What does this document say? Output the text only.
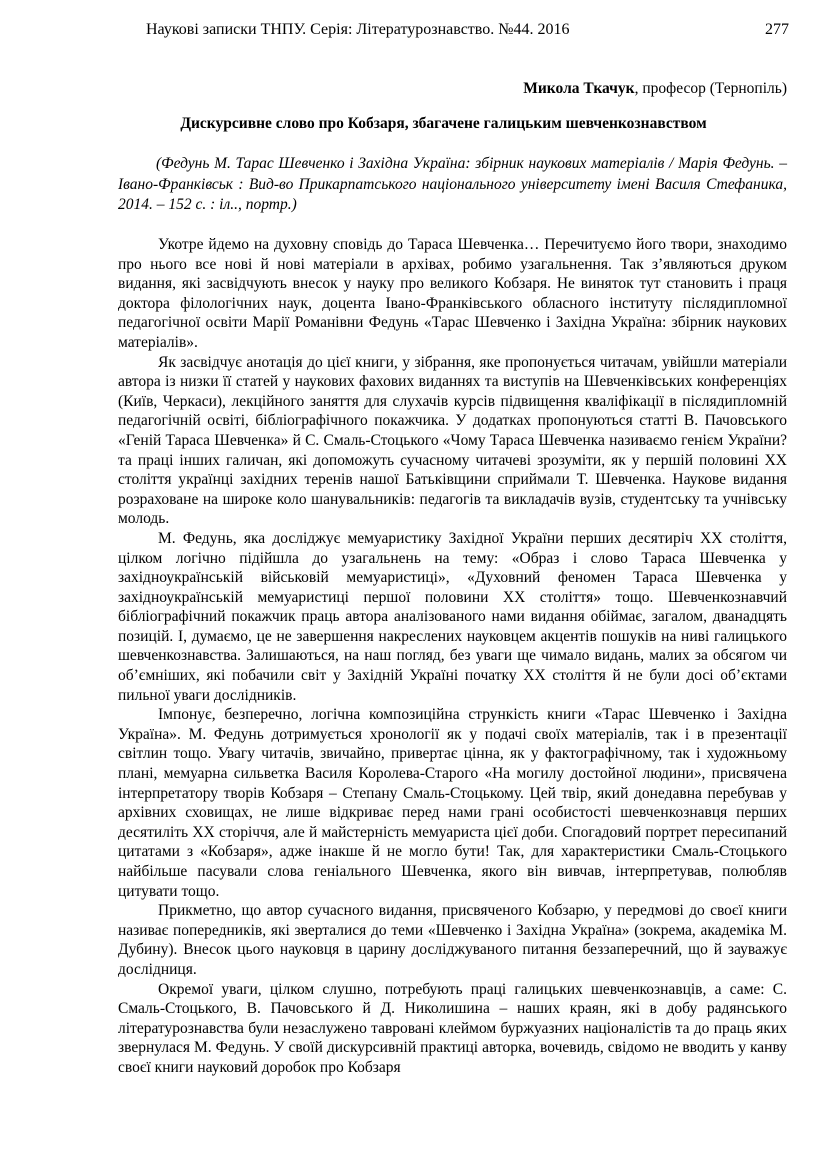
Наукові записки ТНПУ. Серія: Літературознавство. №44. 2016	277
Микола Ткачук, професор (Тернопіль)
Дискурсивне слово про Кобзаря, збагачене галицьким шевченкознавством

(Федунь М. Тарас Шевченко і Західна Україна: збірник наукових матеріалів / Марія Федунь. – Івано-Франківськ : Вид-во Прикарпатського національного університету імені Василя Стефаника, 2014. – 152 с. : іл.., портр.)

Укотре йдемо на духовну сповідь до Тараса Шевченка… Перечитуємо його твори, знаходимо про нього все нові й нові матеріали в архівах, робимо узагальнення. Так з’являються друком видання, які засвідчують внесок у науку про великого Кобзаря. Не виняток тут становить і праця доктора філологічних наук, доцента Івано-Франківського обласного інституту післядипломної педагогічної освіти Марії Романівни Федунь «Тарас Шевченко і Західна Україна: збірник наукових матеріалів».

Як засвідчує анотація до цієї книги, у зібрання, яке пропонується читачам, увійшли матеріали автора із низки її статей у наукових фахових виданнях та виступів на Шевченківських конференціях (Київ, Черкаси), лекційного заняття для слухачів курсів підвищення кваліфікації в післядипломній педагогічній освіті, бібліографічного покажчика. У додатках пропонуються статті В. Пачовського «Геній Тараса Шевченка» й С. Смаль-Стоцького «Чому Тараса Шевченка називаємо генієм України? та праці інших галичан, які допоможуть сучасному читачеві зрозуміти, як у першій половині ХХ століття українці західних теренів нашої Батьківщини сприймали Т. Шевченка. Наукове видання розраховане на широке коло шанувальників: педагогів та викладачів вузів, студентську та учнівську молодь.

М. Федунь, яка досліджує мемуаристику Західної України перших десятиріч ХХ століття, цілком логічно підійшла до узагальнень на тему: «Образ і слово Тараса Шевченка у західноукраїнській військовій мемуаристиці», «Духовний феномен Тараса Шевченка у західноукраїнській мемуаристиці першої половини ХХ століття» тощо. Шевченкознавчий бібліографічний покажчик праць автора аналізованого нами видання обіймає, загалом, дванадцять позицій. І, думаємо, це не завершення накреслених науковцем акцентів пошуків на ниві галицького шевченкознавства. Залишаються, на наш погляд, без уваги ще чимало видань, малих за обсягом чи об’ємніших, які побачили світ у Західній Україні початку ХХ століття й не були досі об’єктами пильної уваги дослідників.

Імпонує, безперечно, логічна композиційна стрункість книги «Тарас Шевченко і Західна Україна». М. Федунь дотримується хронології як у подачі своїх матеріалів, так і в презентації світлин тощо. Увагу читачів, звичайно, привертає цінна, як у фактографічному, так і художньому плані, мемуарна сильветка Василя Королева-Старого «На могилу достойної людини», присвячена інтерпретатору творів Кобзаря – Степану Смаль-Стоцькому. Цей твір, який донедавна перебував у архівних сховищах, не лише відкриває перед нами грані особистості шевченкознавця перших десятиліть ХХ сторіччя, але й майстерність мемуариста цієї доби. Спогадовий портрет пересипаний цитатами з «Кобзаря», адже інакше й не могло бути! Так, для характеристики Смаль-Стоцького найбільше пасували слова геніального Шевченка, якого він вивчав, інтерпретував, полюбляв цитувати тощо.

Прикметно, що автор сучасного видання, присвяченого Кобзарю, у передмові до своєї книги називає попередників, які зверталися до теми «Шевченко і Західна Україна» (зокрема, академіка М. Дубину). Внесок цього науковця в царину досліджуваного питання беззаперечний, що й зауважує дослідниця.

Окремої уваги, цілком слушно, потребують праці галицьких шевченкознавців, а саме: С. Смаль-Стоцького, В. Пачовського й Д. Николишина – наших краян, які в добу радянського літературознавства були незаслужено тавровані клеймом буржуазних націоналістів та до праць яких звернулася М. Федунь. У своїй дискурсивній практиці авторка, вочевидь, свідомо не вводить у канву своєї книги науковий доробок про Кобзаря
